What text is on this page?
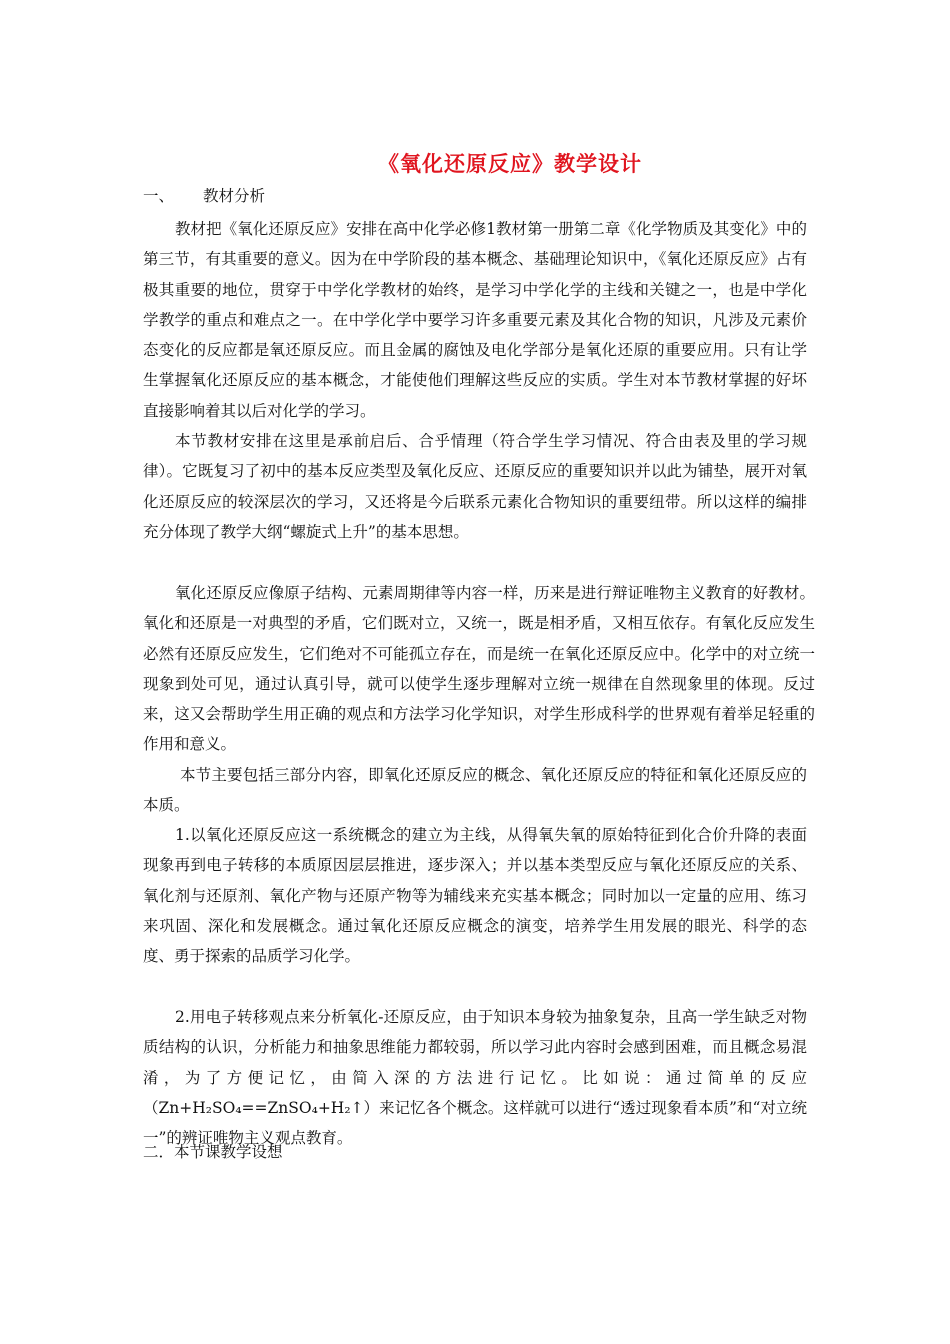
《氧化还原反应》教学设计
一、 教材分析

教材把《氧化还原反应》安排在高中化学必修1教材第一册第二章《化学物质及其变化》中的第三节，有其重要的意义。因为在中学阶段的基本概念、基础理论知识中，《氧化还原反应》占有极其重要的地位，贯穿于中学化学教材的始终，是学习中学化学的主线和关键之一，也是中学化学教学的重点和难点之一。在中学化学中要学习许多重要元素及其化合物的知识，凡涉及元素价态变化的反应都是氧还原反应。而且金属的腐蚀及电化学部分是氧化还原的重要应用。只有让学生掌握氧化还原反应的基本概念，才能使他们理解这些反应的实质。学生对本节教材掌握的好坏直接影响着其以后对化学的学习。

本节教材安排在这里是承前启后、合乎情理（符合学生学习情况、符合由表及里的学习规律）。它既复习了初中的基本反应类型及氧化反应、还原反应的重要知识并以此为铺垫，展开对氧化还原反应的较深层次的学习，又还将是今后联系元素化合物知识的重要纽带。所以这样的编排充分体现了教学大纲“螺旋式上升”的基本思想。

氧化还原反应像原子结构、元素周期律等内容一样，历来是进行辩证唯物主义教育的好教材。氧化和还原是一对典型的矛盾，它们既对立，又统一，既是相矛盾，又相互依存。有氧化反应发生必然有还原反应发生，它们绝对不可能孤立存在，而是统一在氧化还原反应中。化学中的对立统一现象到处可见，通过认真引导，就可以使学生逐步理解对立统一规律在自然现象里的体现。反过来，这又会帮助学生用正确的观点和方法学习化学知识，对学生形成科学的世界观有着举足轻重的作用和意义。

本节主要包括三部分内容，即氧化还原反应的概念、氧化还原反应的特征和氧化还原反应的本质。

1.以氧化还原反应这一系统概念的建立为主线，从得氧失氧的原始特征到化合价升降的表面现象再到电子转移的本质原因层层推进，逐步深入；并以基本类型反应与氧化还原反应的关系、氧化剂与还原剂、氧化产物与还原产物等为辅线来充实基本概念；同时加以一定量的应用、练习来巩固、深化和发展概念。通过氧化还原反应概念的演变，培养学生用发展的眼光、科学的态度、勇于探索的品质学习化学。

2.用电子转移观点来分析氧化-还原反应，由于知识本身较为抽象复杂，且高一学生缺乏对物质结构的认识，分析能力和抽象思维能力都较弱，所以学习此内容时会感到困难，而且概念易混淆，为了方便记忆，由简入深的方法进行记忆。比如说：通过简单的反应（Zn+H₂SO₄==ZnSO₄+H₂↑）来记忆各个概念。这样就可以进行“透过现象看本质”和“对立统一”的辨证唯物主义观点教育。

二．本节课教学设想
